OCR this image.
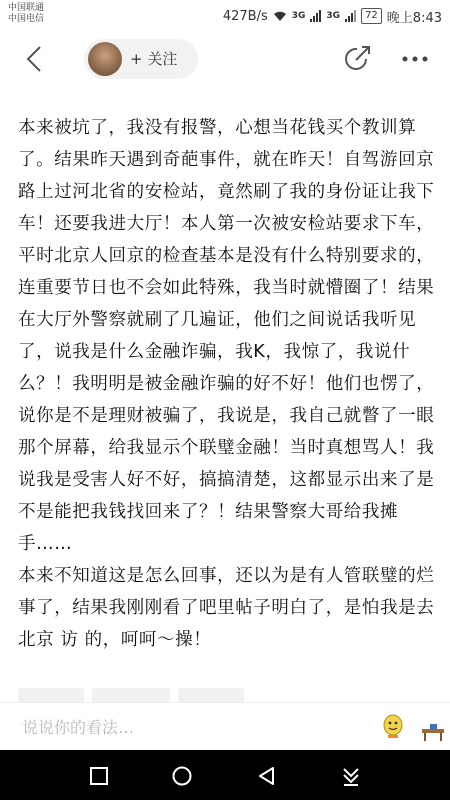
中国联通
中国电信	427B/s	3G 3G	72 晚上8:43
+ 关注

本来被坑了，我没有报警，心想当花钱买个教训算了。结果昨天遇到奇葩事件，就在昨天！自驾游回京路上过河北省的安检站，竟然刷了我的身份证让我下车！还要我进大厅！本人第一次被安检站要求下车，平时北京人回京的检查基本是没有什么特别要求的，连重要节日也不会如此特殊，我当时就懵圈了！结果在大厅外警察就刷了几遍证，他们之间说话我听见了，说我是什么金融诈骗，我K，我惊了，我说什么？！我明明是被金融诈骗的好不好！他们也愣了，说你是不是理财被骗了，我说是，我自己就瞥了一眼那个屏幕，给我显示个联璧金融！当时真想骂人！我说我是受害人好不好，搞搞清楚，这都显示出来了是不是能把我钱找回来了？！结果警察大哥给我摊手……

本来不知道这是怎么回事，还以为是有人管联璧的烂事了，结果我刚刚看了吧里帖子明白了，是怕我是去北京 访 的，呵呵～操！

说说你的看法…
